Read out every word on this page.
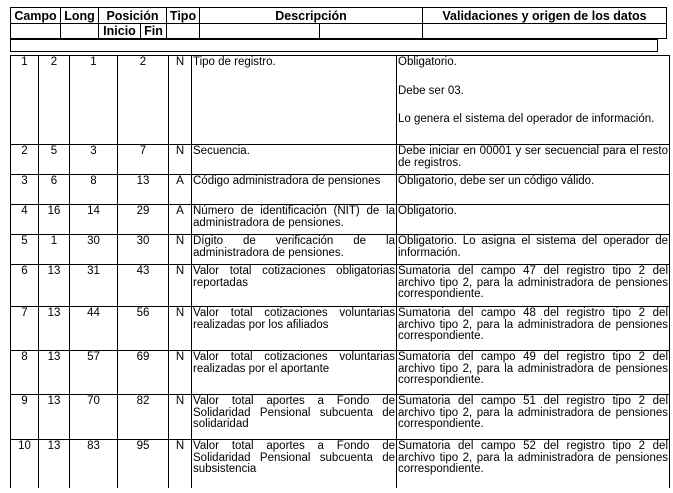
Campo	Long	Posición		Tipo	Descripción		Validaciones y origen de los datos
		Inicio	Fin				
1	2	1	2	N	Tipo de registro.	Obligatorio.

Debe ser 03.

Lo genera el sistema del operador de información.

2	5	3	7	N	Secuencia.	Debe iniciar en 00001 y ser secuencial para el resto de registros.

3	6	8	13	A	Código administradora de pensiones	Obligatorio, debe ser un código válido.

4	16	14	29	A	Número de identificación (NIT) de la administradora de pensiones.	Obligatorio.

5	1	30	30	N	Dígito de verificación de la administradora de pensiones.	Obligatorio. Lo asigna el sistema del operador de información.

6	13	31	43	N	Valor total cotizaciones obligatorias reportadas	Sumatoria del campo 47 del registro tipo 2 del archivo tipo 2, para la administradora de pensiones correspondiente.

7	13	44	56	N	Valor total cotizaciones voluntarias realizadas por los afiliados	Sumatoria del campo 48 del registro tipo 2 del archivo tipo 2, para la administradora de pensiones correspondiente.

8	13	57	69	N	Valor total cotizaciones voluntarias realizadas por el aportante	Sumatoria del campo 49 del registro tipo 2 del archivo tipo 2, para la administradora de pensiones correspondiente.

9	13	70	82	N	Valor total aportes a Fondo de Solidaridad Pensional subcuenta de solidaridad	Sumatoria del campo 51 del registro tipo 2 del archivo tipo 2, para la administradora de pensiones correspondiente.

10	13	83	95	N	Valor total aportes a Fondo de Solidaridad Pensional subcuenta de subsistencia	Sumatoria del campo 52 del registro tipo 2 del archivo tipo 2, para la administradora de pensiones correspondiente.
